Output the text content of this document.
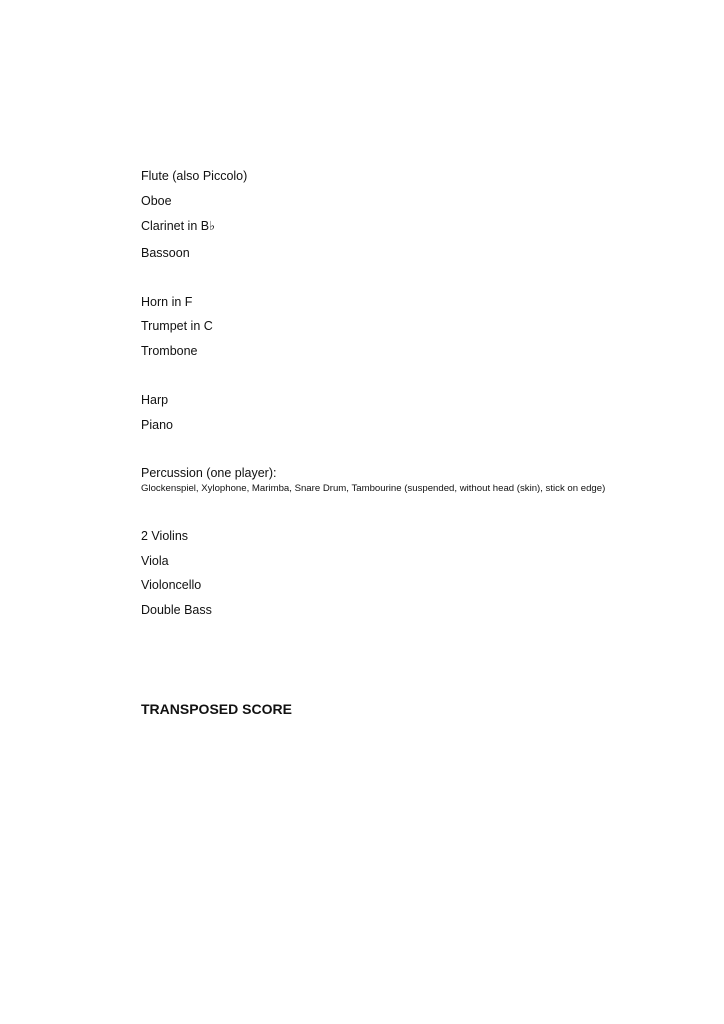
Flute (also Piccolo)
Oboe
Clarinet in B♭
Bassoon
Horn in F
Trumpet in C
Trombone
Harp
Piano
Percussion (one player):
Glockenspiel, Xylophone, Marimba, Snare Drum, Tambourine (suspended, without head (skin), stick on edge)
2 Violins
Viola
Violoncello
Double Bass
TRANSPOSED SCORE
